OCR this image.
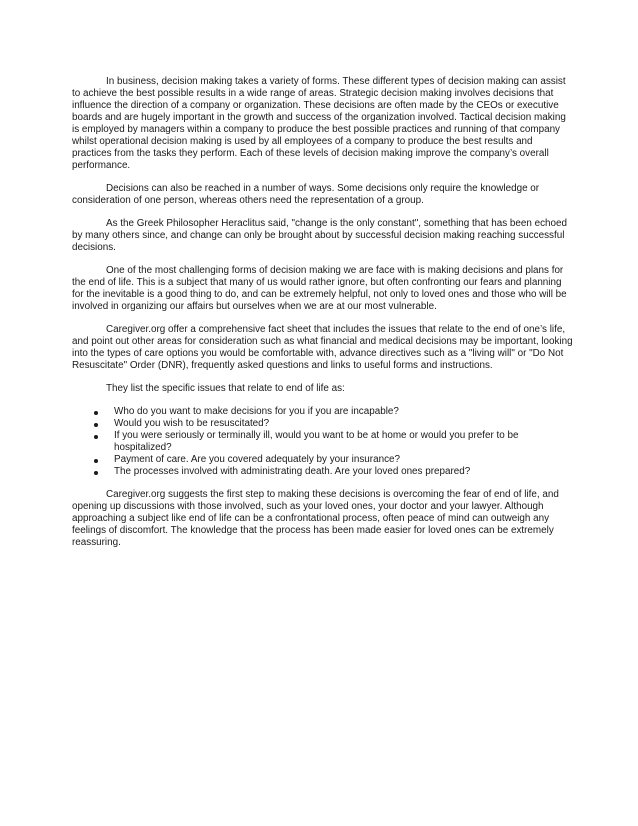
In business, decision making takes a variety of forms. These different types of decision making can assist to achieve the best possible results in a wide range of areas. Strategic decision making involves decisions that influence the direction of a company or organization. These decisions are often made by the CEOs or executive boards and are hugely important in the growth and success of the organization involved. Tactical decision making is employed by managers within a company to produce the best possible practices and running of that company whilst operational decision making is used by all employees of a company to produce the best results and practices from the tasks they perform. Each of these levels of decision making improve the company’s overall performance.

Decisions can also be reached in a number of ways. Some decisions only require the knowledge or consideration of one person, whereas others need the representation of a group.

As the Greek Philosopher Heraclitus said, "change is the only constant", something that has been echoed by many others since, and change can only be brought about by successful decision making reaching successful decisions.

One of the most challenging forms of decision making we are face with is making decisions and plans for the end of life. This is a subject that many of us would rather ignore, but often confronting our fears and planning for the inevitable is a good thing to do, and can be extremely helpful, not only to loved ones and those who will be involved in organizing our affairs but ourselves when we are at our most vulnerable.

Caregiver.org offer a comprehensive fact sheet that includes the issues that relate to the end of one’s life, and point out other areas for consideration such as what financial and medical decisions may be important, looking into the types of care options you would be comfortable with, advance directives such as a "living will" or "Do Not Resuscitate" Order (DNR), frequently asked questions and links to useful forms and instructions.

They list the specific issues that relate to end of life as:

Who do you want to make decisions for you if you are incapable?
Would you wish to be resuscitated?
If you were seriously or terminally ill, would you want to be at home or would you prefer to be hospitalized?
Payment of care. Are you covered adequately by your insurance?
The processes involved with administrating death. Are your loved ones prepared?

Caregiver.org suggests the first step to making these decisions is overcoming the fear of end of life, and opening up discussions with those involved, such as your loved ones, your doctor and your lawyer. Although approaching a subject like end of life can be a confrontational process, often peace of mind can outweigh any feelings of discomfort. The knowledge that the process has been made easier for loved ones can be extremely reassuring.
